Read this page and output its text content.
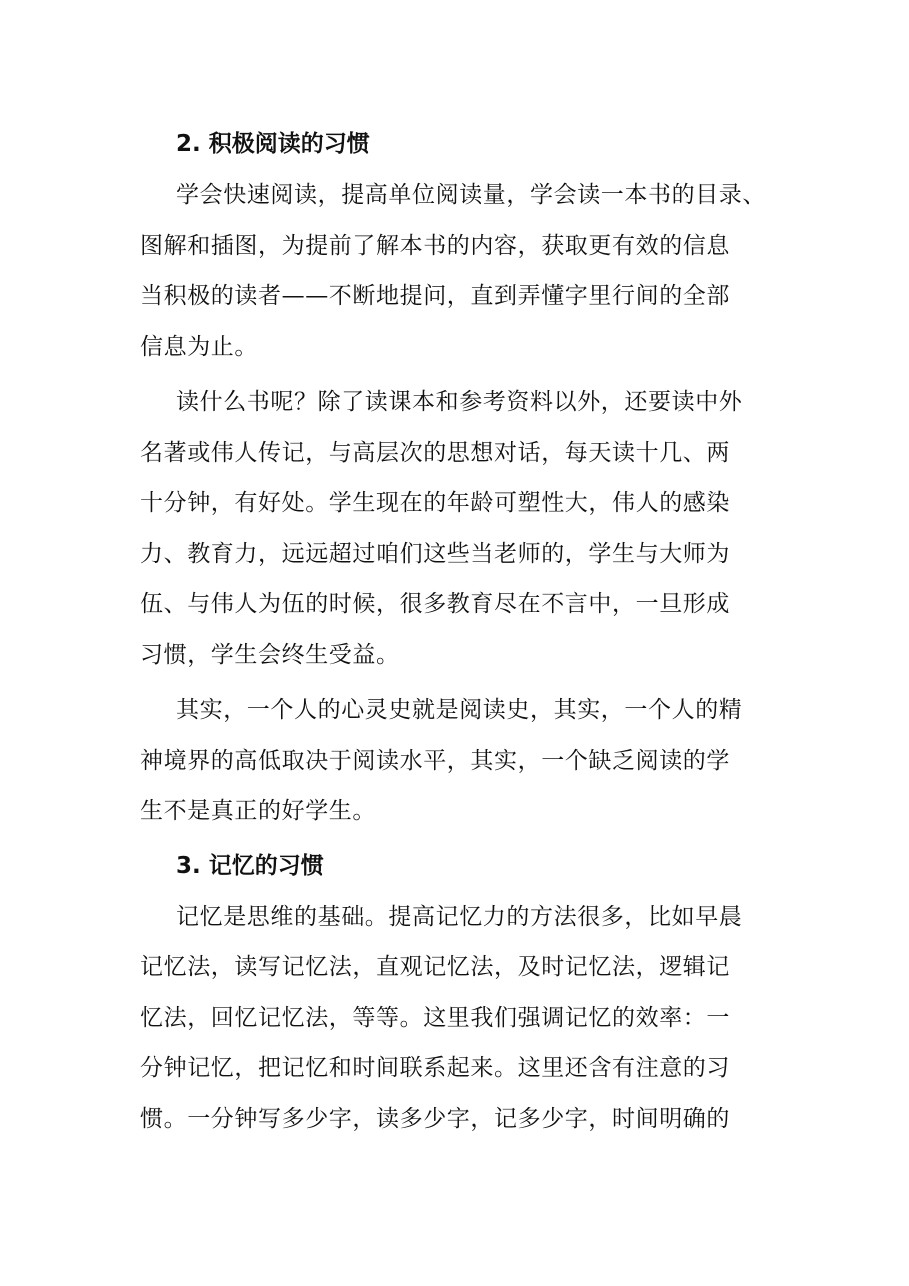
2. 积极阅读的习惯
学会快速阅读，提高单位阅读量，学会读一本书的目录、
图解和插图，为提前了解本书的内容，获取更有效的信息
当积极的读者——不断地提问，直到弄懂字里行间的全部
信息为止。
读什么书呢？除了读课本和参考资料以外，还要读中外
名著或伟人传记，与高层次的思想对话，每天读十几、两
十分钟，有好处。学生现在的年龄可塑性大，伟人的感染
力、教育力，远远超过咱们这些当老师的，学生与大师为
伍、与伟人为伍的时候，很多教育尽在不言中，一旦形成
习惯，学生会终生受益。
其实，一个人的心灵史就是阅读史，其实，一个人的精
神境界的高低取决于阅读水平，其实，一个缺乏阅读的学
生不是真正的好学生。
3. 记忆的习惯
记忆是思维的基础。提高记忆力的方法很多，比如早晨
记忆法，读写记忆法，直观记忆法，及时记忆法，逻辑记
忆法，回忆记忆法，等等。这里我们强调记忆的效率：一
分钟记忆，把记忆和时间联系起来。这里还含有注意的习
惯。一分钟写多少字，读多少字，记多少字，时间明确的
